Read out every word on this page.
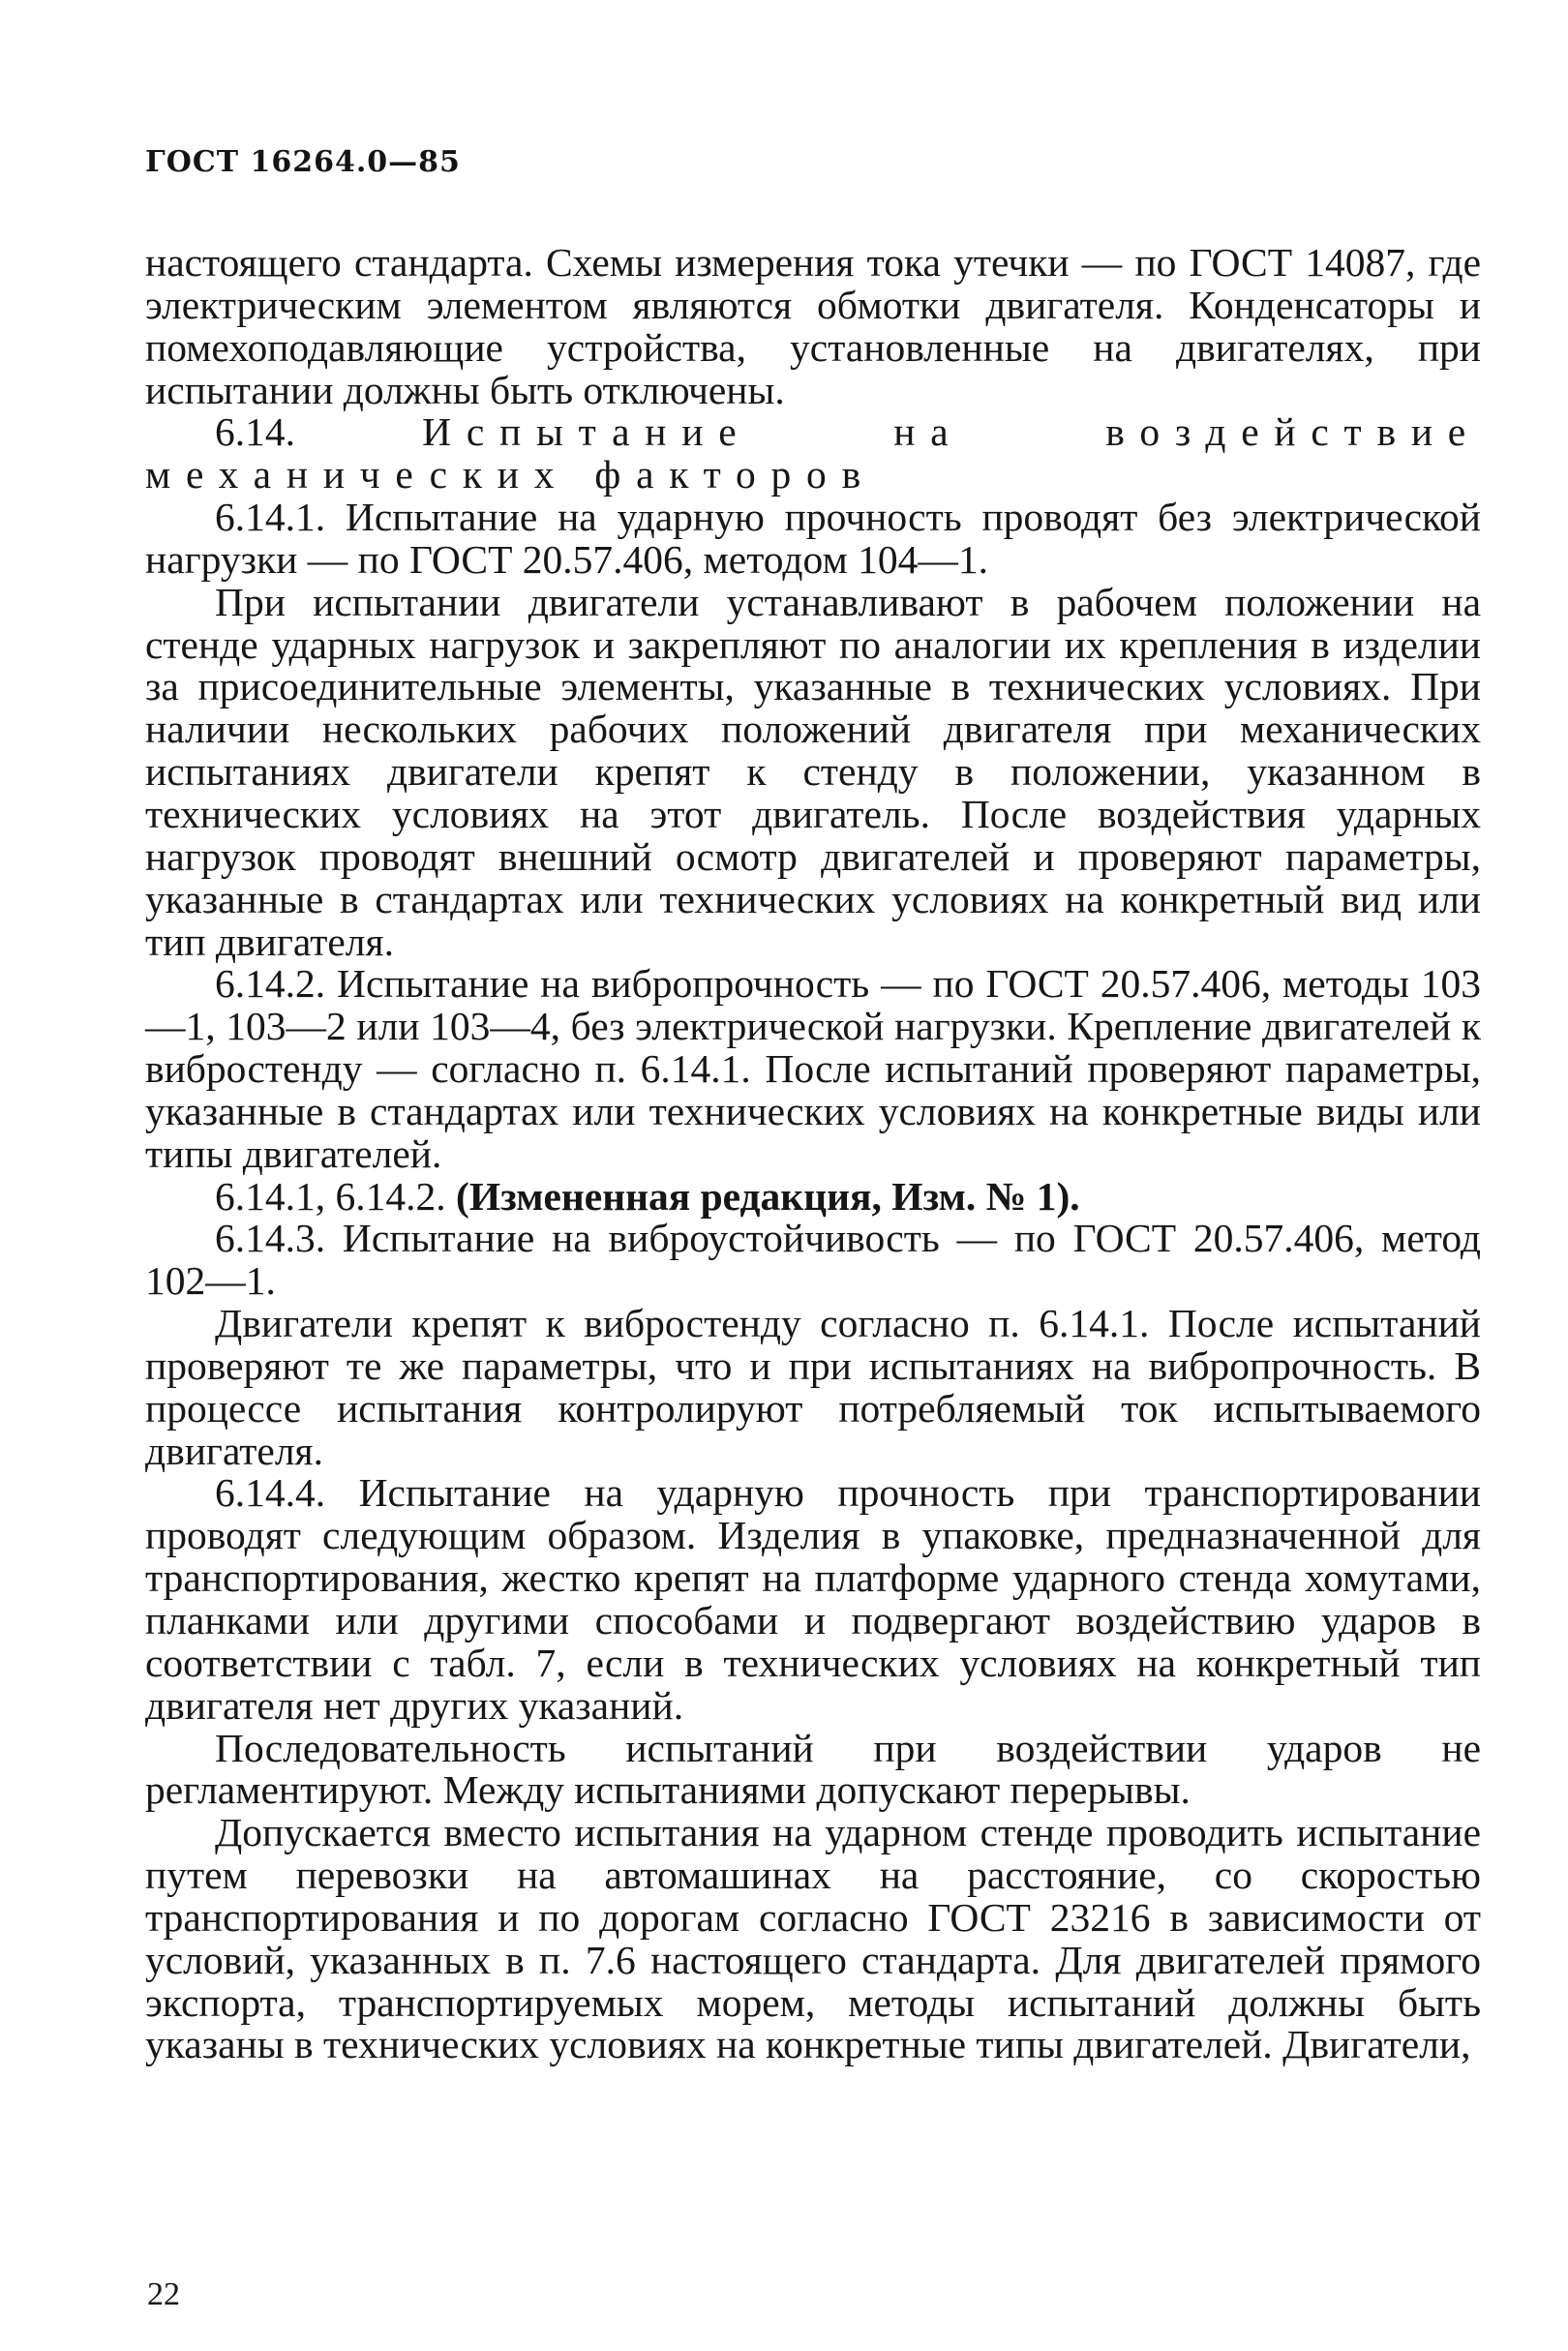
ГОСТ 16264.0—85

настоящего стандарта. Схемы измерения тока утечки — по ГОСТ 14087, где электрическим элементом являются обмотки двигателя. Конденсаторы и помехоподавляющие устройства, установленные на двигателях, при испытании должны быть отключены.

6.14.	Испытание на воздействие механических факторов

6.14.1. Испытание на ударную прочность проводят без электрической нагрузки — по ГОСТ 20.57.406, методом 104—1.

При испытании двигатели устанавливают в рабочем положении на стенде ударных нагрузок и закрепляют по аналогии их крепления в изделии за присоединительные элементы, указанные в технических условиях. При наличии нескольких рабочих положений двигателя при механических испытаниях двигатели крепят к стенду в положении, указанном в технических условиях на этот двигатель. После воздействия ударных нагрузок проводят внешний осмотр двигателей и проверяют параметры, указанные в стандартах или технических условиях на конкретный вид или тип двигателя.

6.14.2. Испытание на вибропрочность — по ГОСТ 20.57.406, методы 103—1, 103—2 или 103—4, без электрической нагрузки. Крепление двигателей к вибростенду — согласно п. 6.14.1. После испытаний проверяют параметры, указанные в стандартах или технических условиях на конкретные виды или типы двигателей.

6.14.1, 6.14.2. (Измененная редакция, Изм. № 1).

6.14.3. Испытание на виброустойчивость — по ГОСТ 20.57.406, метод 102—1.

Двигатели крепят к вибростенду согласно п. 6.14.1. После испытаний проверяют те же параметры, что и при испытаниях на вибропрочность. В процессе испытания контролируют потребляемый ток испытываемого двигателя.

6.14.4. Испытание на ударную прочность при транспортировании проводят следующим образом. Изделия в упаковке, предназначенной для транспортирования, жестко крепят на платформе ударного стенда хомутами, планками или другими способами и подвергают воздействию ударов в соответствии с табл. 7, если в технических условиях на конкретный тип двигателя нет других указаний.

Последовательность испытаний при воздействии ударов не регламентируют. Между испытаниями допускают перерывы.

Допускается вместо испытания на ударном стенде проводить испытание путем перевозки на автомашинах на расстояние, со скоростью транспортирования и по дорогам согласно ГОСТ 23216 в зависимости от условий, указанных в п. 7.6 настоящего стандарта. Для двигателей прямого экспорта, транспортируемых морем, методы испытаний должны быть указаны в технических условиях на конкретные типы двигателей. Двигатели,

22
